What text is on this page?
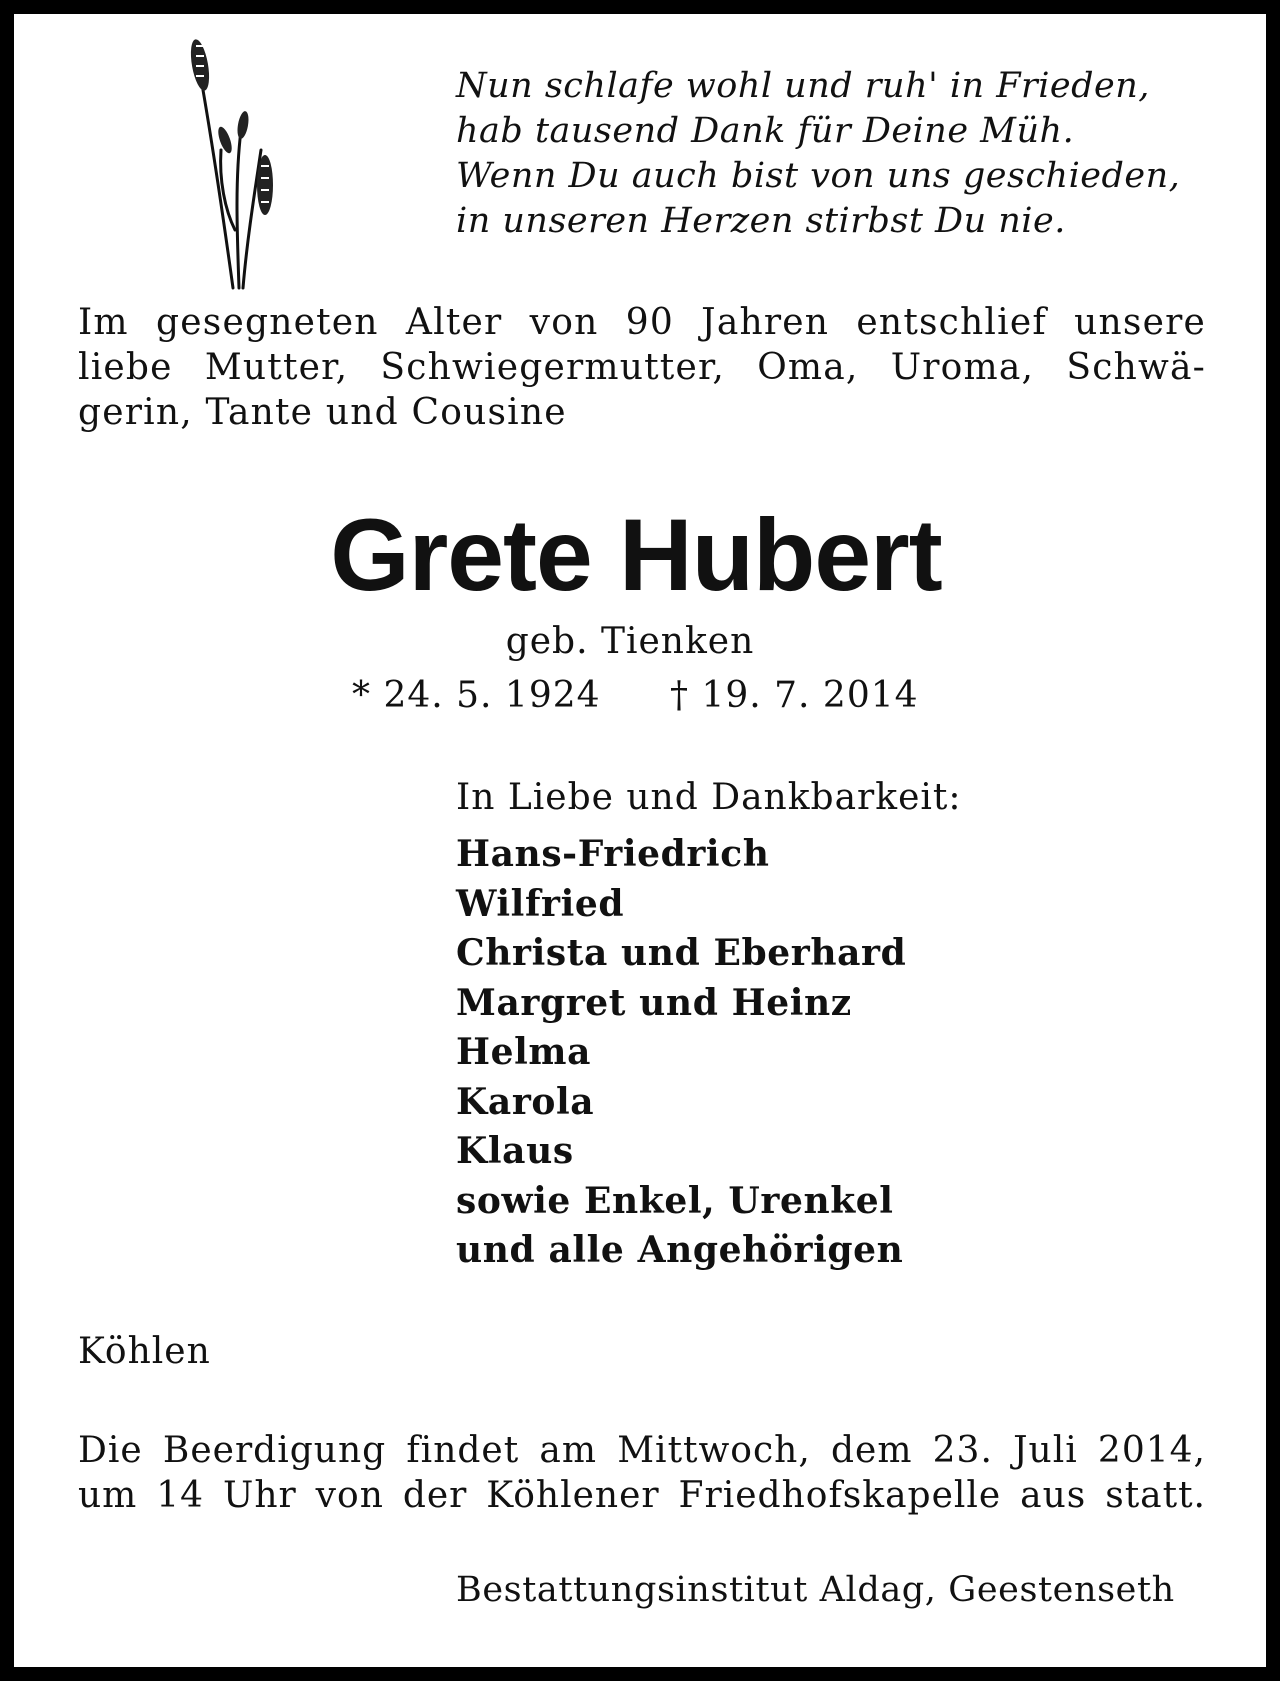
Nun schlafe wohl und ruh' in Frieden,
hab tausend Dank für Deine Müh.
Wenn Du auch bist von uns geschieden,
in unseren Herzen stirbst Du nie.
Im gesegneten Alter von 90 Jahren entschlief unsere
liebe Mutter, Schwiegermutter, Oma, Uroma, Schwä-
gerin, Tante und Cousine
Grete Hubert
geb. Tienken
* 24. 5. 1924 † 19. 7. 2014
In Liebe und Dankbarkeit:
Hans-Friedrich
Wilfried
Christa und Eberhard
Margret und Heinz
Helma
Karola
Klaus
sowie Enkel, Urenkel
und alle Angehörigen
Köhlen
Die Beerdigung findet am Mittwoch, dem 23. Juli 2014,
um 14 Uhr von der Köhlener Friedhofskapelle aus statt.
Bestattungsinstitut Aldag, Geestenseth
